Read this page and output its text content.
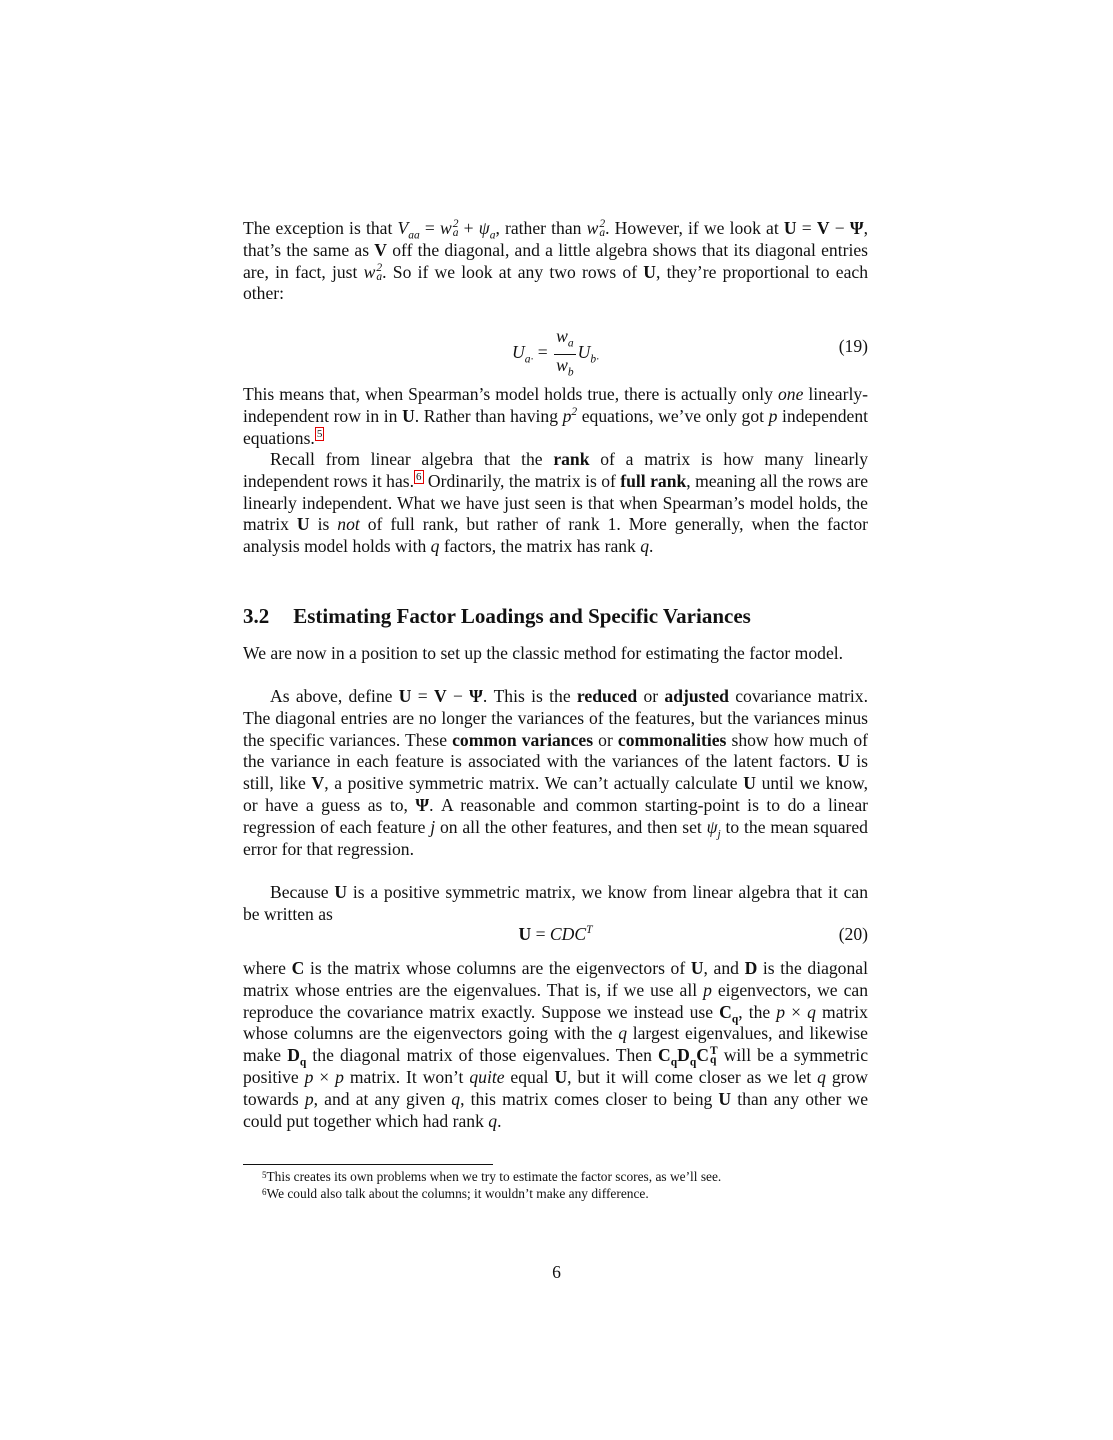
The exception is that $V_{aa} = w$ 2
$a + \psi_a$, rather than w 2
a . However, if we look at U = V − Ψ, that’s the same as V off the diagonal, and a little algebra shows that its diagonal entries are, in fact, just w 2
a . So if we look at any two rows of U, they’re proportional to each other:

$U_{a\cdot} = \frac{w_a}{w_b} U_{b\cdot}$
(19)

This means that, when Spearman’s model holds true, there is actually only one linearly-independent row in in U. Rather than having $p^2$ equations, we’ve only got p independent equations. 5

Recall from linear algebra that the rank of a matrix is how many linearly independent rows it has. 6 Ordinarily, the matrix is of full rank, meaning all the rows are linearly independent. What we have just seen is that when Spearman’s model holds, the matrix U is not of full rank, but rather of rank 1. More generally, when the factor analysis model holds with q factors, the matrix has rank q.

3.2 Estimating Factor Loadings and Specific Variances

We are now in a position to set up the classic method for estimating the factor model.

As above, define U = V − Ψ. This is the reduced or adjusted covariance matrix. The diagonal entries are no longer the variances of the features, but the variances minus the specific variances. These common variances or commonalities show how much of the variance in each feature is associated with the variances of the latent factors. U is still, like V, a positive symmetric matrix. We can’t actually calculate U until we know, or have a guess as to, Ψ. A reasonable and common starting-point is to do a linear regression of each feature j on all the other features, and then set $\psi_j$ to the mean squared error for that regression.

Because U is a positive symmetric matrix, we know from linear algebra that it can be written as

$U = CDC^T$	(20)

where C is the matrix whose columns are the eigenvectors of U, and D is the diagonal matrix whose entries are the eigenvalues. That is, if we use all p eigenvectors, we can reproduce the covariance matrix exactly. Suppose we instead use $C_q$, the p × q matrix whose columns are the eigenvectors going with the q largest eigenvalues, and likewise make $D_q$ the diagonal matrix of those eigenvalues. Then $C_qD_qC$ T
q will be a symmetric positive p × p matrix. It won’t quite equal U, but it will come closer as we let q grow towards p, and at any given q, this matrix comes closer to being U than any other we could put together which had rank q.

$^5$This creates its own problems when we try to estimate the factor scores, as we’ll see.
$^6$We could also talk about the columns; it wouldn’t make any difference.
6
